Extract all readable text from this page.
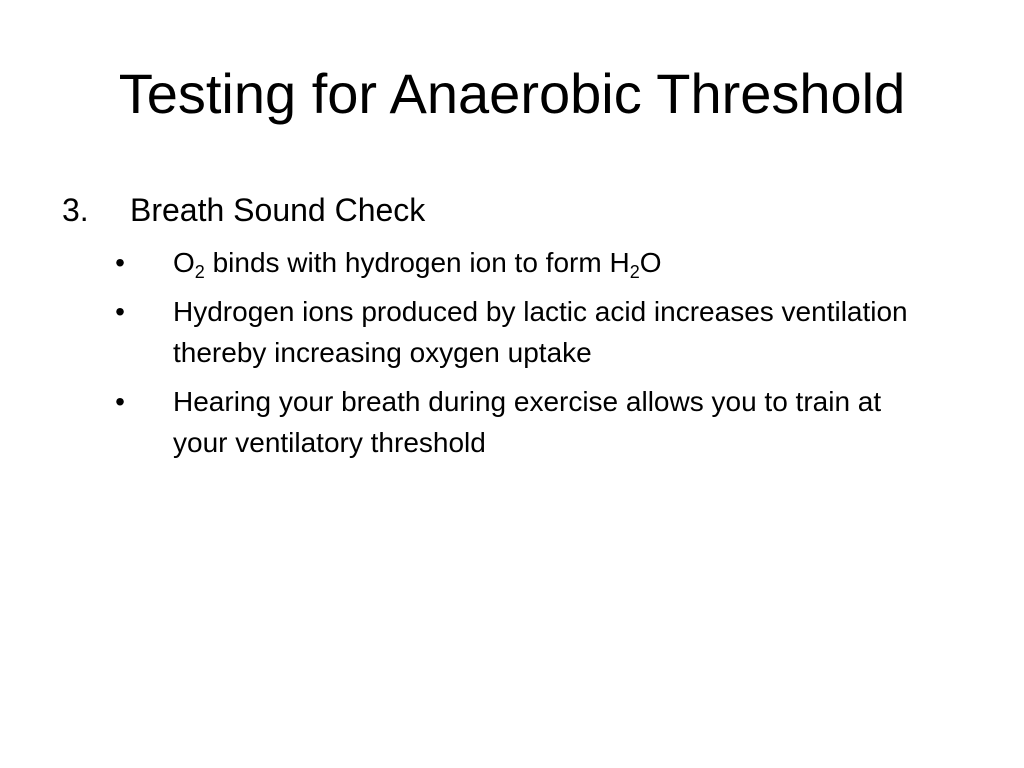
Testing for Anaerobic Threshold
3. Breath Sound Check
• $O_2$ binds with hydrogen ion to form $H_2O$
• Hydrogen ions produced by lactic acid increases ventilation thereby increasing oxygen uptake
• Hearing your breath during exercise allows you to train at your ventilatory threshold
